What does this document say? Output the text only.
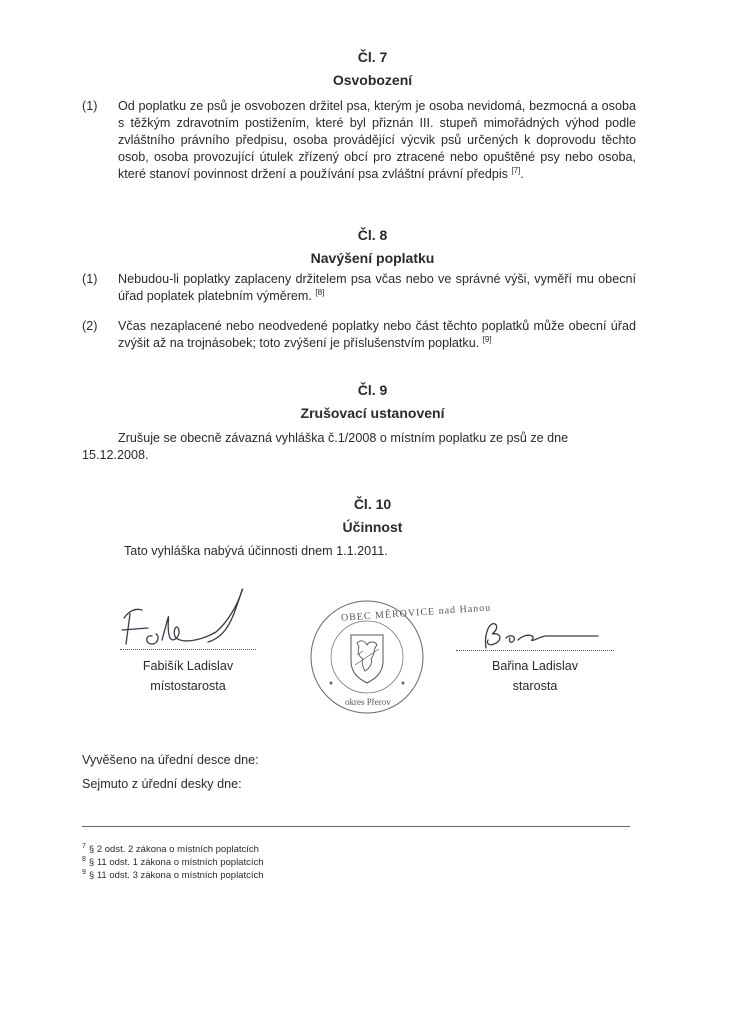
Čl. 7
Osvobození
(1) Od poplatku ze psů je osvobozen držitel psa, kterým je osoba nevidomá, bezmocná a osoba s těžkým zdravotním postižením, které byl přiznán III. stupeň mimořádných výhod podle zvláštního právního předpisu, osoba provádějící výcvik psů určených k doprovodu těchto osob, osoba provozující útulek zřízený obcí pro ztracené nebo opuštěné psy nebo osoba, které stanoví povinnost držení a používání psa zvláštní právní předpis [7].
Čl. 8
Navýšení poplatku
(1) Nebudou-li poplatky zaplaceny držitelem psa včas nebo ve správné výši, vyměří mu obecní úřad poplatek platebním výměrem. [8]
(2) Včas nezaplacené nebo neodvedené poplatky nebo část těchto poplatků může obecní úřad zvýšit až na trojnásobek; toto zvýšení je příslušenstvím poplatku. [9]
Čl. 9
Zrušovací ustanovení
Zrušuje se obecně závazná vyhláška č.1/2008 o místním poplatku ze psů ze dne
15.12.2008.
Čl. 10
Účinnost
Tato vyhláška nabývá účinnosti dnem 1.1.2011.
Fabišík Ladislav
místostarosta
OBEC MĚROVICE nad Hanou
okres Přerov
Bařina Ladislav
starosta
Vyvěšeno na úřední desce dne:
Sejmuto z úřední desky dne:
$^7$ § 2 odst. 2 zákona o místních poplatcích
$^8$ § 11 odst. 1 zákona o místních poplatcích
$^9$ § 11 odst. 3 zákona o místních poplatcích
